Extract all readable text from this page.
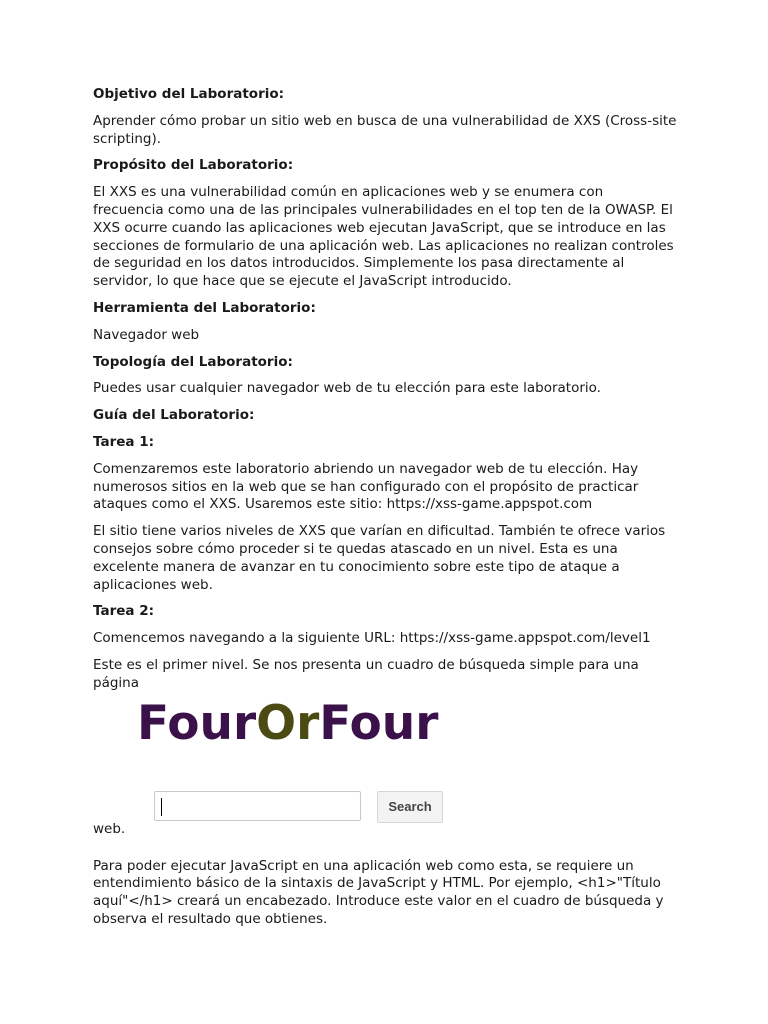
Objetivo del Laboratorio:

Aprender cómo probar un sitio web en busca de una vulnerabilidad de XXS (Cross-site scripting).

Propósito del Laboratorio:

El XXS es una vulnerabilidad común en aplicaciones web y se enumera con frecuencia como una de las principales vulnerabilidades en el top ten de la OWASP. El XXS ocurre cuando las aplicaciones web ejecutan JavaScript, que se introduce en las secciones de formulario de una aplicación web. Las aplicaciones no realizan controles de seguridad en los datos introducidos. Simplemente los pasa directamente al servidor, lo que hace que se ejecute el JavaScript introducido.

Herramienta del Laboratorio:

Navegador web

Topología del Laboratorio:

Puedes usar cualquier navegador web de tu elección para este laboratorio.

Guía del Laboratorio:

Tarea 1:

Comenzaremos este laboratorio abriendo un navegador web de tu elección. Hay numerosos sitios en la web que se han configurado con el propósito de practicar ataques como el XXS. Usaremos este sitio: https://xss-game.appspot.com

El sitio tiene varios niveles de XXS que varían en dificultad. También te ofrece varios consejos sobre cómo proceder si te quedas atascado en un nivel. Esta es una excelente manera de avanzar en tu conocimiento sobre este tipo de ataque a aplicaciones web.

Tarea 2:

Comencemos navegando a la siguiente URL: https://xss-game.appspot.com/level1

Este es el primer nivel. Se nos presenta un cuadro de búsqueda simple para una página

FourOrFour
Search
web.

Para poder ejecutar JavaScript en una aplicación web como esta, se requiere un entendimiento básico de la sintaxis de JavaScript y HTML. Por ejemplo, <h1>"Título aquí"</h1> creará un encabezado. Introduce este valor en el cuadro de búsqueda y observa el resultado que obtienes.
